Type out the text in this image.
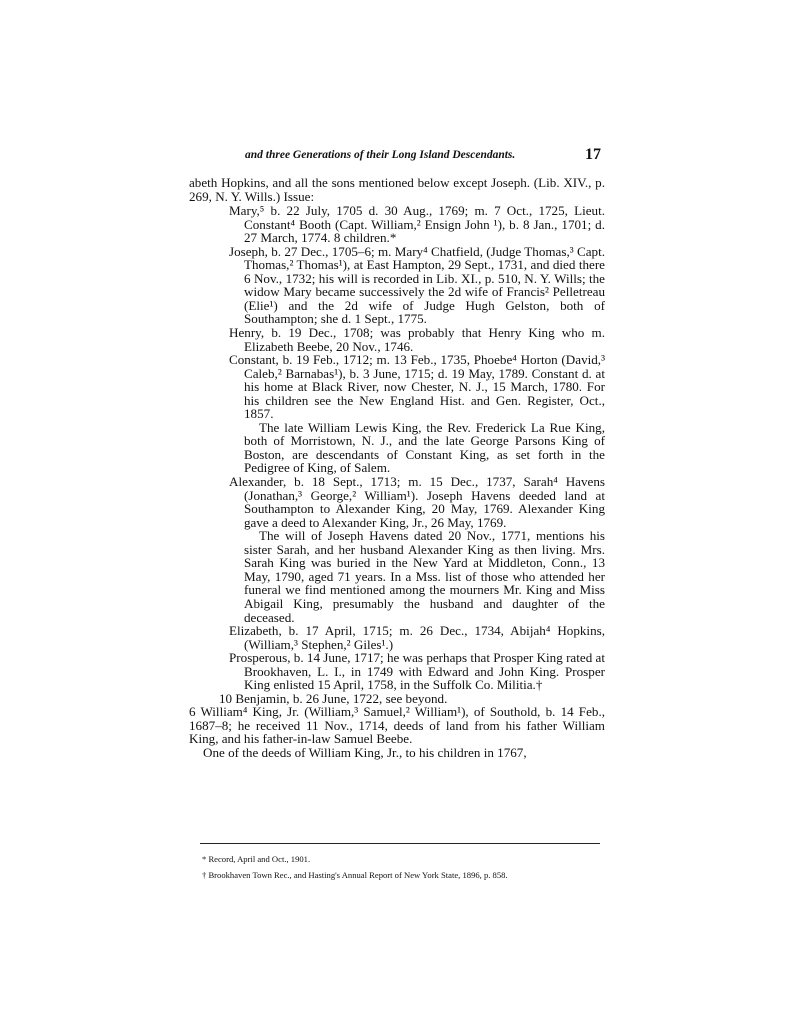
and three Generations of their Long Island Descendants.	17

abeth Hopkins, and all the sons mentioned below except Joseph. (Lib. XIV., p. 269, N. Y. Wills.) Issue:

Mary,⁵ b. 22 July, 1705 d. 30 Aug., 1769; m. 7 Oct., 1725, Lieut. Constant⁴ Booth (Capt. William,² Ensign John ¹), b. 8 Jan., 1701; d. 27 March, 1774. 8 children.*

Joseph, b. 27 Dec., 1705–6; m. Mary⁴ Chatfield, (Judge Thomas,³ Capt. Thomas,² Thomas¹), at East Hampton, 29 Sept., 1731, and died there 6 Nov., 1732; his will is recorded in Lib. XI., p. 510, N. Y. Wills; the widow Mary became successively the 2d wife of Francis² Pelletreau (Elie¹) and the 2d wife of Judge Hugh Gelston, both of Southampton; she d. 1 Sept., 1775.

Henry, b. 19 Dec., 1708; was probably that Henry King who m. Elizabeth Beebe, 20 Nov., 1746.

Constant, b. 19 Feb., 1712; m. 13 Feb., 1735, Phoebe⁴ Horton (David,³ Caleb,² Barnabas¹), b. 3 June, 1715; d. 19 May, 1789. Constant d. at his home at Black River, now Chester, N. J., 15 March, 1780. For his children see the New England Hist. and Gen. Register, Oct., 1857.

The late William Lewis King, the Rev. Frederick La Rue King, both of Morristown, N. J., and the late George Parsons King of Boston, are descendants of Constant King, as set forth in the Pedigree of King, of Salem.

Alexander, b. 18 Sept., 1713; m. 15 Dec., 1737, Sarah⁴ Havens (Jonathan,³ George,² William¹). Joseph Havens deeded land at Southampton to Alexander King, 20 May, 1769. Alexander King gave a deed to Alexander King, Jr., 26 May, 1769.

The will of Joseph Havens dated 20 Nov., 1771, mentions his sister Sarah, and her husband Alexander King as then living. Mrs. Sarah King was buried in the New Yard at Middleton, Conn., 13 May, 1790, aged 71 years. In a Mss. list of those who attended her funeral we find mentioned among the mourners Mr. King and Miss Abigail King, presumably the husband and daughter of the deceased.

Elizabeth, b. 17 April, 1715; m. 26 Dec., 1734, Abijah⁴ Hopkins, (William,³ Stephen,² Giles¹.)

Prosperous, b. 14 June, 1717; he was perhaps that Prosper King rated at Brookhaven, L. I., in 1749 with Edward and John King. Prosper King enlisted 15 April, 1758, in the Suffolk Co. Militia.†

10 Benjamin, b. 26 June, 1722, see beyond.

6 William⁴ King, Jr. (William,³ Samuel,² William¹), of Southold, b. 14 Feb., 1687–8; he received 11 Nov., 1714, deeds of land from his father William King, and his father-in-law Samuel Beebe.

One of the deeds of William King, Jr., to his children in 1767,

* Record, April and Oct., 1901.
† Brookhaven Town Rec., and Hasting's Annual Report of New York State, 1896, p. 858.
